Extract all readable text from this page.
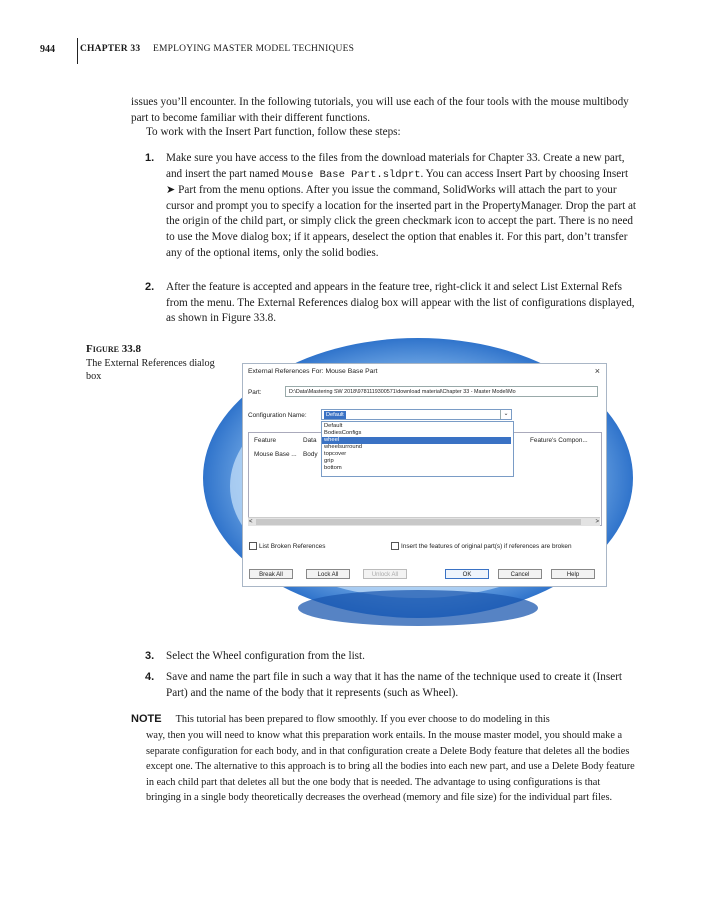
944	CHAPTER 33 EMPLOYING MASTER MODEL TECHNIQUES
issues you’ll encounter. In the following tutorials, you will use each of the four tools with the mouse multibody part to become familiar with their different functions.
To work with the Insert Part function, follow these steps:
1. Make sure you have access to the files from the download materials for Chapter 33. Create a new part, and insert the part named Mouse Base Part.sldprt. You can access Insert Part by choosing Insert ➤ Part from the menu options. After you issue the command, SolidWorks will attach the part to your cursor and prompt you to specify a location for the inserted part in the PropertyManager. Drop the part at the origin of the child part, or simply click the green checkmark icon to accept the part. There is no need to use the Move dialog box; if it appears, deselect the option that enables it. For this part, don’t transfer any of the optional items, only the solid bodies.
2. After the feature is accepted and appears in the feature tree, right-click it and select List External Refs from the menu. The External References dialog box will appear with the list of configurations displayed, as shown in Figure 33.8.
Figure 33.8
The External References dialog box	External References For: Mouse Base Part	×
Part:	D:\Data\Mastering SW 2018\9781119300571\download material\Chapter 33 - Master Model\Mo
Configuration Name:	Default	⌄
Feature	Data	Feature's Compon...
Mouse Base ... Body
<	>
Default
BodiesConfigs
wheel
wheelsurround
topcover
grip
bottom
List Broken References	Insert the features of original part(s) if references are broken
Break All	Lock All	Unlock All	OK	Cancel	Help
3. Select the Wheel configuration from the list.
4. Save and name the part file in such a way that it has the name of the technique used to create it (Insert Part) and the name of the body that it represents (such as Wheel).
NOTE This tutorial has been prepared to flow smoothly. If you ever choose to do modeling in this
way, then you will need to know what this preparation work entails. In the mouse master model, you should make a separate configuration for each body, and in that configuration create a Delete Body feature that deletes all the bodies except one. The alternative to this approach is to bring all the bodies into each new part, and use a Delete Body feature in each child part that deletes all but the one body that is needed. The advantage to using configurations is that bringing in a single body theoretically decreases the overhead (memory and file size) for the individual part files.
